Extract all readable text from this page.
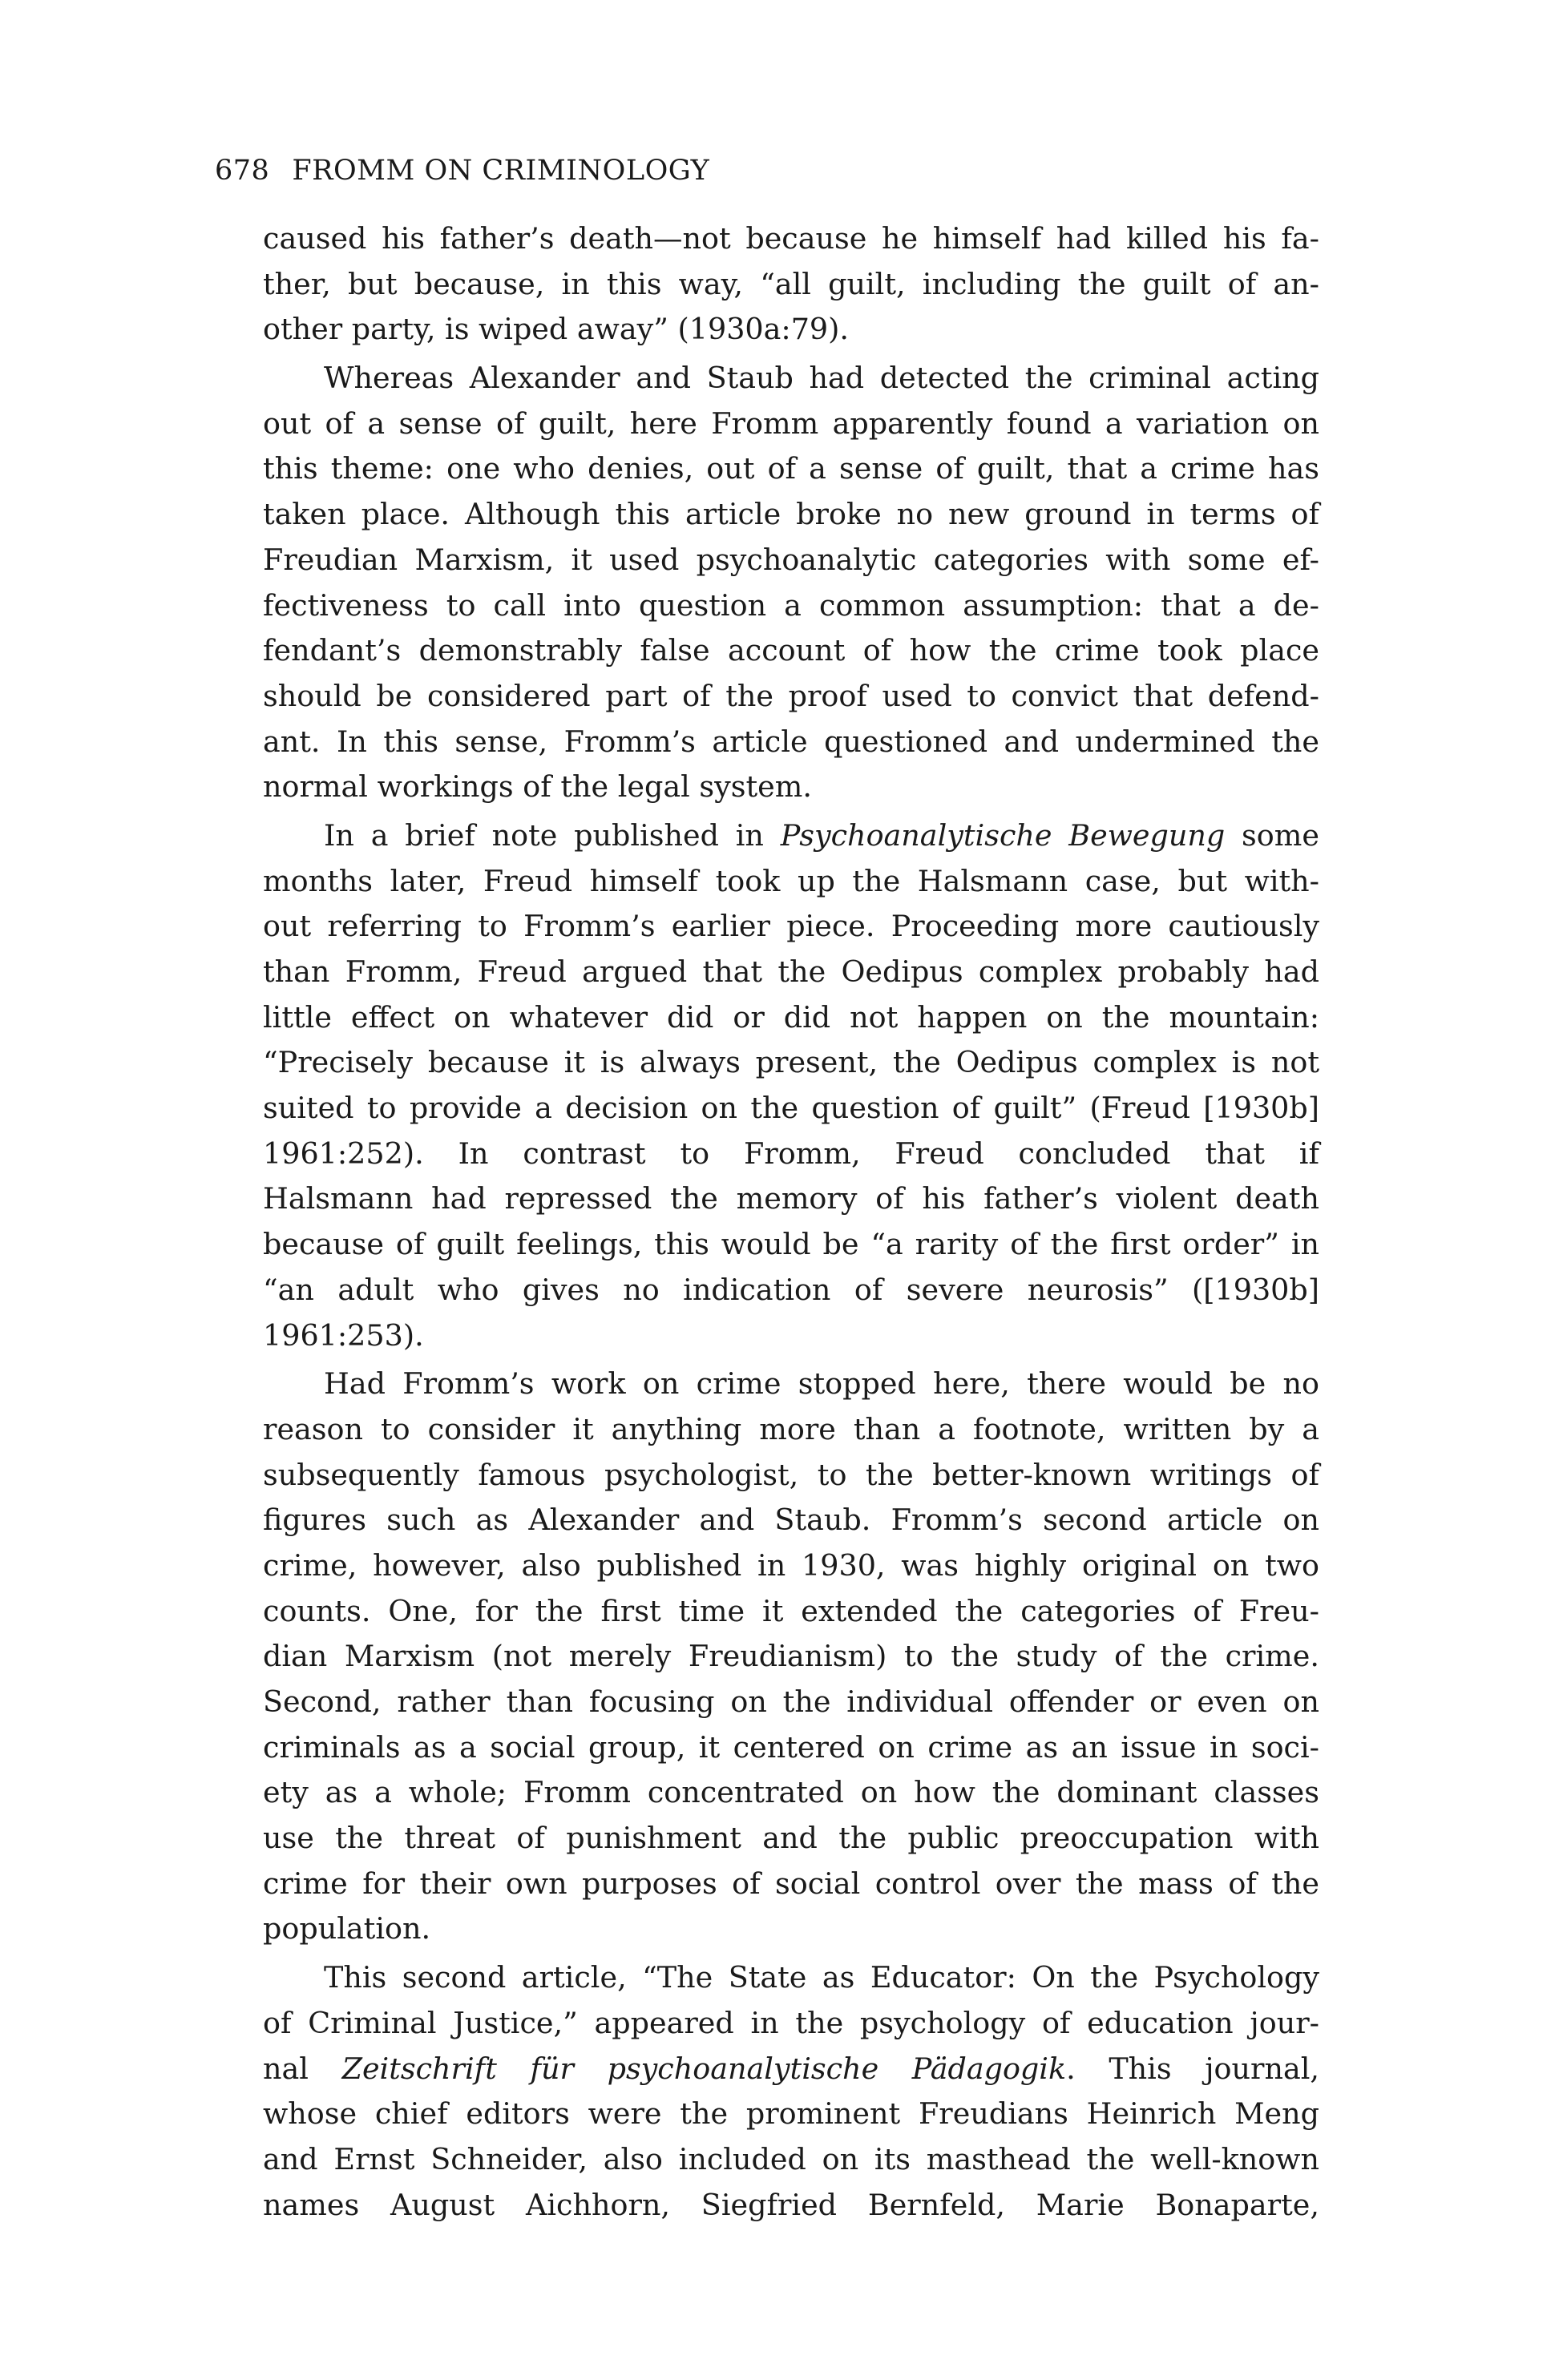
678 FROMM ON CRIMINOLOGY
caused his father’s death—not because he himself had killed his fa-
ther, but because, in this way, “all guilt, including the guilt of an-
other party, is wiped away” (1930a:79).
Whereas Alexander and Staub had detected the criminal acting
out of a sense of guilt, here Fromm apparently found a variation on
this theme: one who denies, out of a sense of guilt, that a crime has
taken place. Although this article broke no new ground in terms of
Freudian Marxism, it used psychoanalytic categories with some ef-
fectiveness to call into question a common assumption: that a de-
fendant’s demonstrably false account of how the crime took place
should be considered part of the proof used to convict that defend-
ant. In this sense, Fromm’s article questioned and undermined the
normal workings of the legal system.
In a brief note published in Psychoanalytische Bewegung some
months later, Freud himself took up the Halsmann case, but with-
out referring to Fromm’s earlier piece. Proceeding more cautiously
than Fromm, Freud argued that the Oedipus complex probably had
little effect on whatever did or did not happen on the mountain:
“Precisely because it is always present, the Oedipus complex is not
suited to provide a decision on the question of guilt” (Freud [1930b]
1961:252). In contrast to Fromm, Freud concluded that if
Halsmann had repressed the memory of his father’s violent death
because of guilt feelings, this would be “a rarity of the first order” in
“an adult who gives no indication of severe neurosis” ([1930b]
1961:253).
Had Fromm’s work on crime stopped here, there would be no
reason to consider it anything more than a footnote, written by a
subsequently famous psychologist, to the better-known writings of
figures such as Alexander and Staub. Fromm’s second article on
crime, however, also published in 1930, was highly original on two
counts. One, for the first time it extended the categories of Freu-
dian Marxism (not merely Freudianism) to the study of the crime.
Second, rather than focusing on the individual offender or even on
criminals as a social group, it centered on crime as an issue in soci-
ety as a whole; Fromm concentrated on how the dominant classes
use the threat of punishment and the public preoccupation with
crime for their own purposes of social control over the mass of the
population.
This second article, “The State as Educator: On the Psychology
of Criminal Justice,” appeared in the psychology of education jour-
nal Zeitschrift für psychoanalytische Pädagogik. This journal,
whose chief editors were the prominent Freudians Heinrich Meng
and Ernst Schneider, also included on its masthead the well-known
names August Aichhorn, Siegfried Bernfeld, Marie Bonaparte,
